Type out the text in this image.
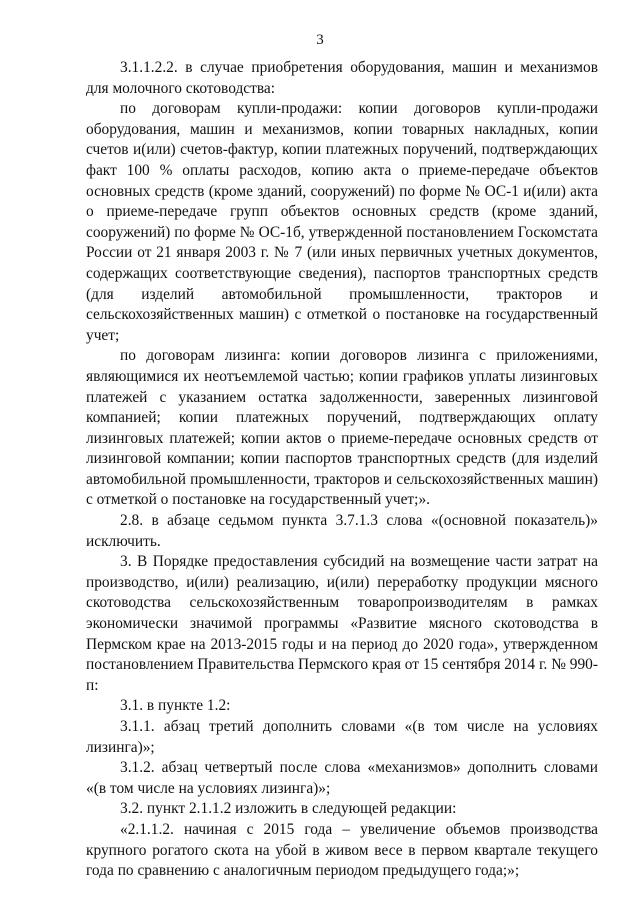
3

3.1.1.2.2. в случае приобретения оборудования, машин и механизмов для молочного скотоводства:

по договорам купли-продажи: копии договоров купли-продажи оборудования, машин и механизмов, копии товарных накладных, копии счетов и(или) счетов-фактур, копии платежных поручений, подтверждающих факт 100 % оплаты расходов, копию акта о приеме-передаче объектов основных средств (кроме зданий, сооружений) по форме № ОС-1 и(или) акта о приеме-передаче групп объектов основных средств (кроме зданий, сооружений) по форме № ОС-1б, утвержденной постановлением Госкомстата России от 21 января 2003 г. № 7 (или иных первичных учетных документов, содержащих соответствующие сведения), паспортов транспортных средств (для изделий автомобильной промышленности, тракторов и сельскохозяйственных машин) с отметкой о постановке на государственный учет;

по договорам лизинга: копии договоров лизинга с приложениями, являющимися их неотъемлемой частью; копии графиков уплаты лизинговых платежей с указанием остатка задолженности, заверенных лизинговой компанией; копии платежных поручений, подтверждающих оплату лизинговых платежей; копии актов о приеме-передаче основных средств от лизинговой компании; копии паспортов транспортных средств (для изделий автомобильной промышленности, тракторов и сельскохозяйственных машин) с отметкой о постановке на государственный учет;».

2.8. в абзаце седьмом пункта 3.7.1.3 слова «(основной показатель)» исключить.

3. В Порядке предоставления субсидий на возмещение части затрат на производство, и(или) реализацию, и(или) переработку продукции мясного скотоводства сельскохозяйственным товаропроизводителям в рамках экономически значимой программы «Развитие мясного скотоводства в Пермском крае на 2013-2015 годы и на период до 2020 года», утвержденном постановлением Правительства Пермского края от 15 сентября 2014 г. № 990-п:

3.1. в пункте 1.2:

3.1.1. абзац третий дополнить словами «(в том числе на условиях лизинга)»;

3.1.2. абзац четвертый после слова «механизмов» дополнить словами «(в том числе на условиях лизинга)»;

3.2. пункт 2.1.1.2 изложить в следующей редакции:

«2.1.1.2. начиная с 2015 года – увеличение объемов производства крупного рогатого скота на убой в живом весе в первом квартале текущего года по сравнению с аналогичным периодом предыдущего года;»;
